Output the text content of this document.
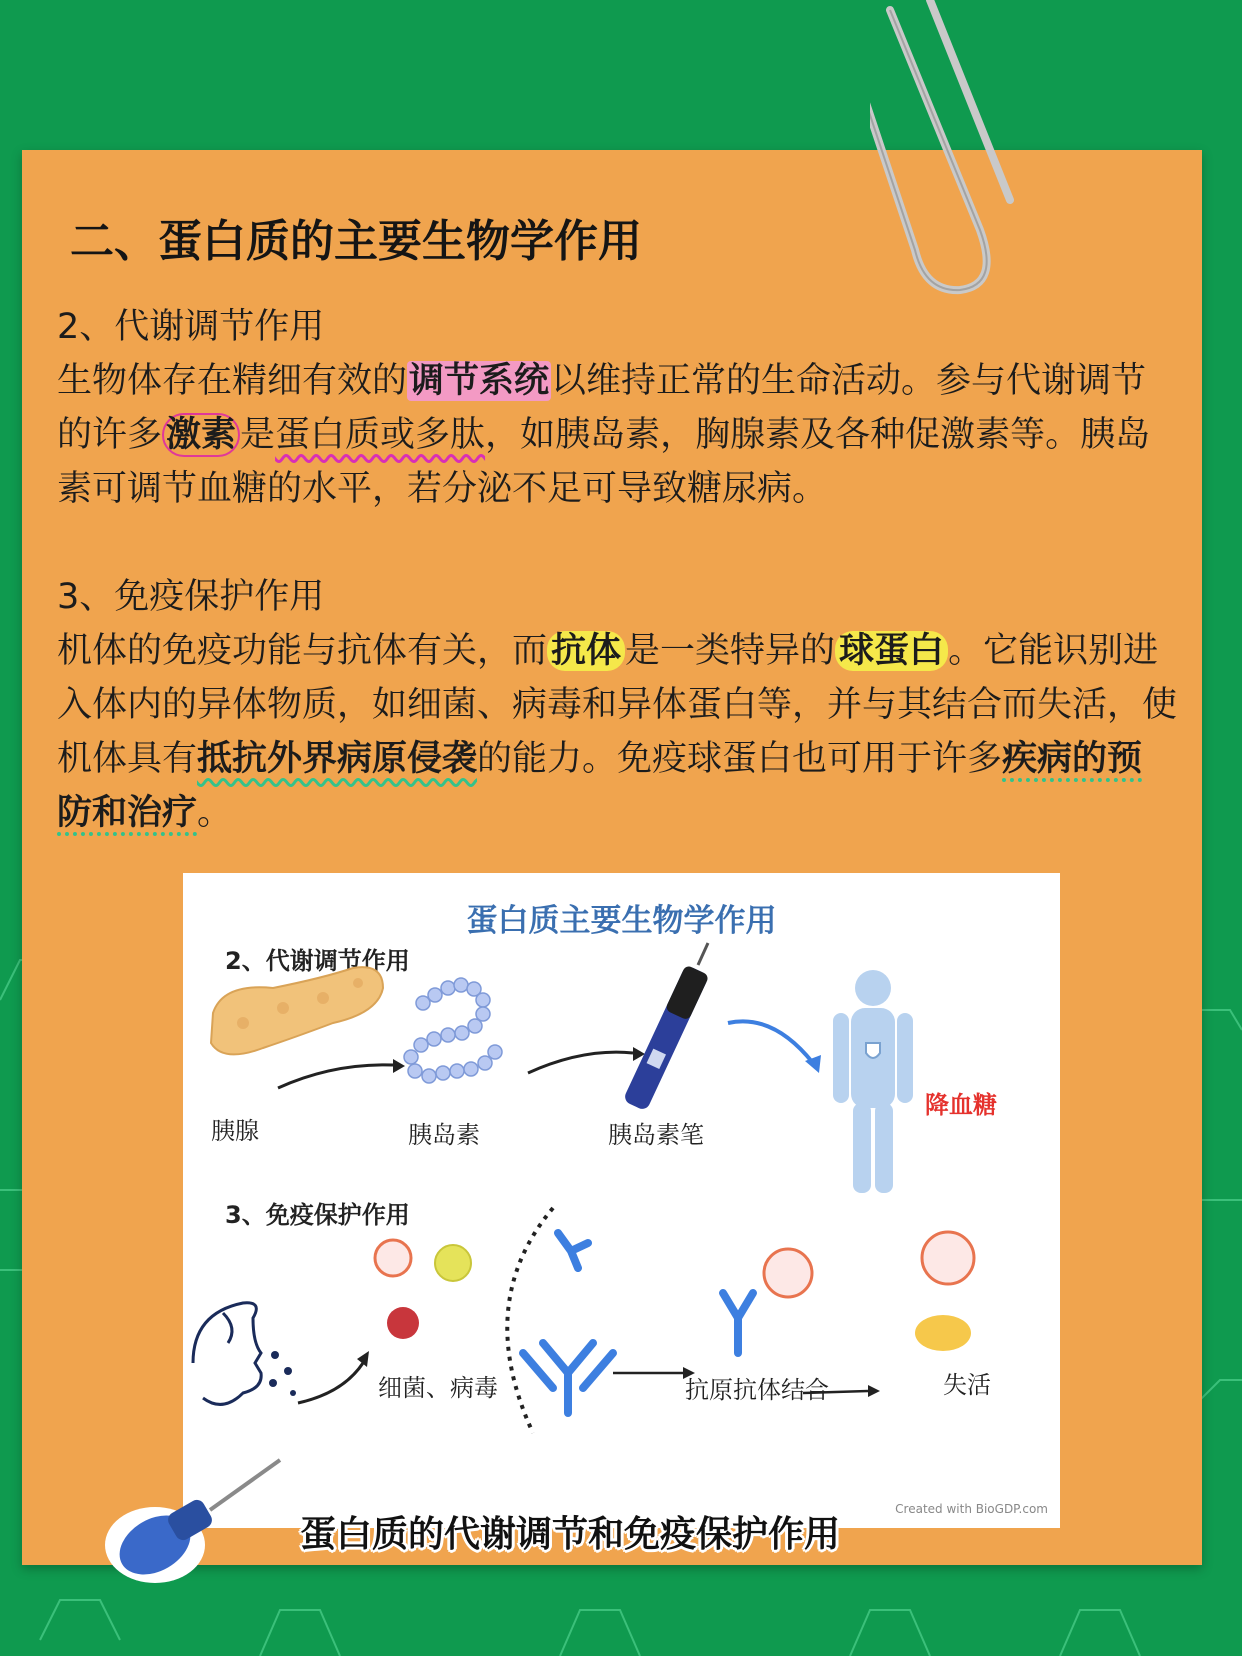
二、蛋白质的主要生物学作用
2、代谢调节作用
生物体存在精细有效的调节系统以维持正常的生命活动。参与代谢调节的许多 激素 是蛋白质或多肽，如胰岛素，胸腺素及各种促激素等。胰岛素可调节血糖的水平，若分泌不足可导致糖尿病。
3、免疫保护作用
机体的免疫功能与抗体有关，而 抗体 是一类特异的 球蛋白 。它能识别进入体内的异体物质，如细菌、病毒和异体蛋白等，并与其结合而失活，使机体具有抵抗外界病原侵袭的能力。免疫球蛋白也可用于许多疾病的预防和治疗。
蛋白质主要生物学作用
2、代谢调节作用
胰腺	胰岛素	胰岛素笔
降血糖
3、免疫保护作用
细菌、病毒	抗原抗体结合	失活
Created with BioGDP.com
蛋白质的代谢调节和免疫保护作用
